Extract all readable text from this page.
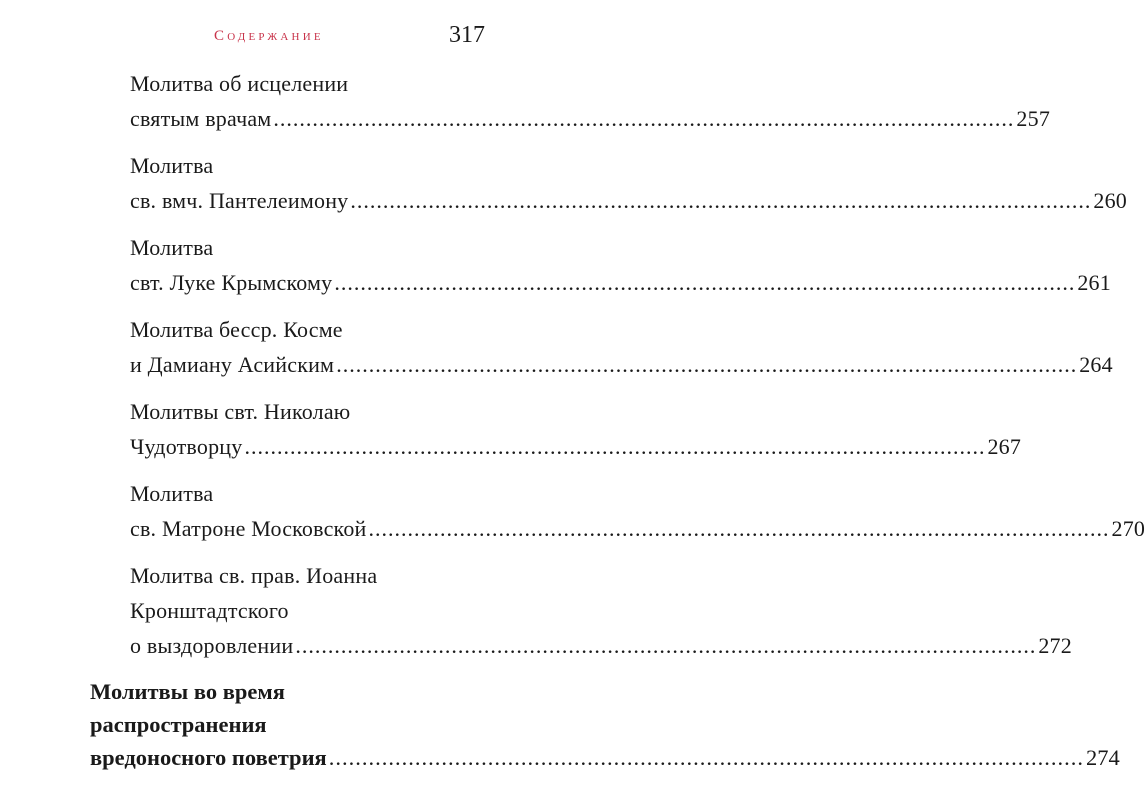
Содержание	317
Молитва об исцелении
святым врачам .....	257
Молитва
св. вмч. Пантелеимону .....	260
Молитва
свт. Луке Крымскому .....	261
Молитва бесср. Косме
и Дамиану Асийским .....	264
Молитвы свт. Николаю
Чудотворцу .....	267
Молитва
св. Матроне Московской .....	270
Молитва св. прав. Иоанна
Кронштадтского
о выздоровлении .....	272
Молитвы во время
распространения
вредоносного поветрия .....	274
